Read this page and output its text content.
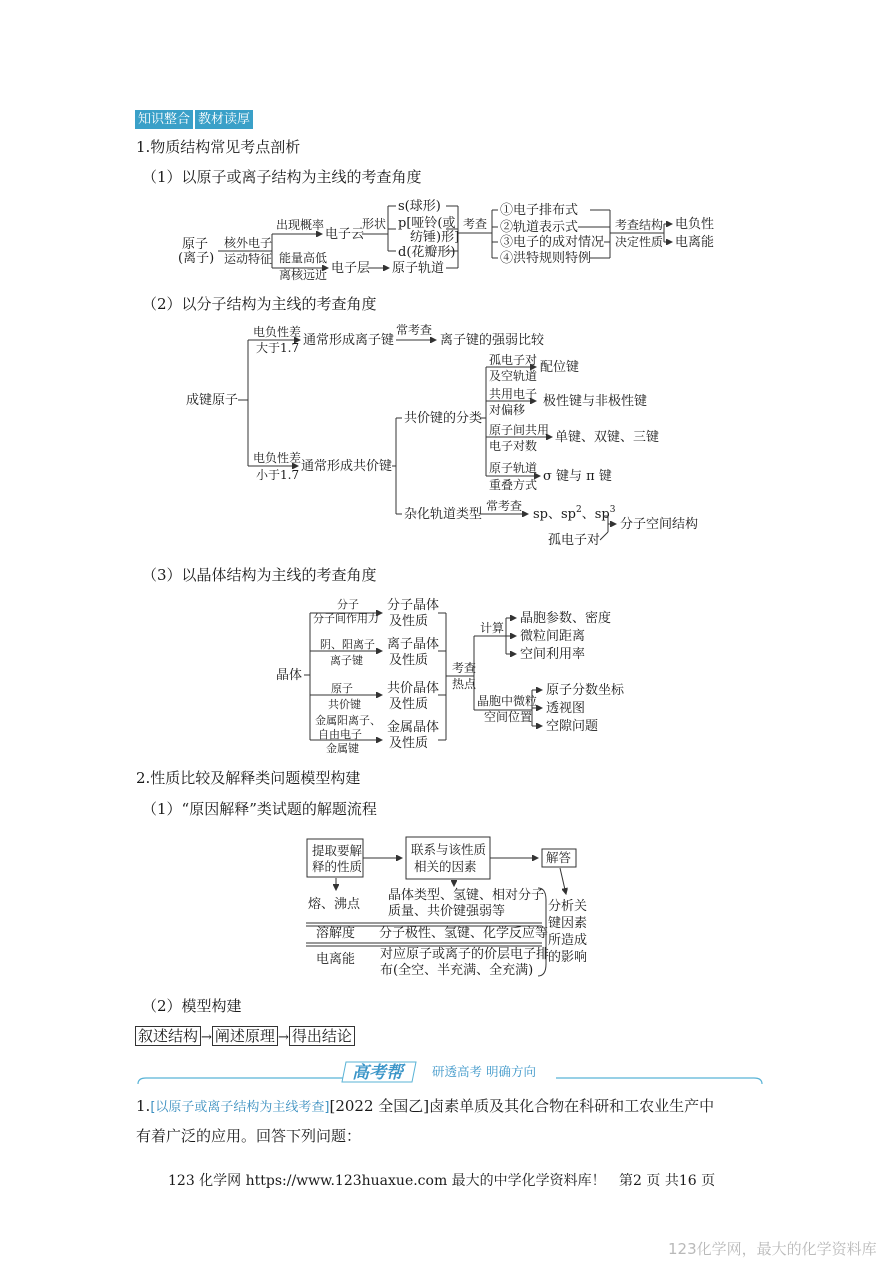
知识整合 教材读厚
1.物质结构常见考点剖析
（1）以原子或离子结构为主线的考查角度
原子
(离子)
核外电子
运动特征
出现概率
能量高低
离核远近
电子云
电子层 原子轨道
形状
s(球形)
p[哑铃(或
纺锤)形]
d(花瓣形)
考查
①电子排布式
②轨道表示式
③电子的成对情况
④洪特规则特例
考查结构
决定性质
电负性
电离能
（2）以分子结构为主线的考查角度
成键原子
电负性差
大于1.7
电负性差
小于1.7
通常形成离子键
常考查
离子键的强弱比较
通常形成共价键
共价键的分类
杂化轨道类型
孤电子对
及空轨道
配位键
共用电子
对偏移
极性键与非极性键
原子间共用
电子对数
单键、双键、三键
原子轨道
重叠方式
σ 键与 π 键
常考查
sp、$sp^2$、$sp^3$
分子空间结构
孤电子对
（3）以晶体结构为主线的考查角度
晶体
分子
分子间作用力
阴、阳离子
离子键
原子
共价键
金属阳离子、
自由电子
金属键
分子晶体
及性质
离子晶体
及性质
共价晶体
及性质
金属晶体
及性质
考查
热点
计算
晶胞参数、密度
微粒间距离
空间利用率
晶胞中微粒
空间位置
原子分数坐标
透视图
空隙问题
2.性质比较及解释类问题模型构建
（1）“原因解释”类试题的解题流程
提取要解
释的性质
联系与该性质
相关的因素
解答
熔、沸点
晶体类型、氢键、相对分子
质量、共价键强弱等
溶解度 分子极性、氢键、化学反应等
电离能 对应原子或离子的价层电子排
布(全空、半充满、全充满)
分析关
键因素
所造成
的影响
（2）模型构建
叙述结构 → 阐述原理 → 得出结论
高考帮 研透高考 明确方向
1.[以原子或离子结构为主线考查][2022 全国乙]卤素单质及其化合物在科研和工农业生产中
有着广泛的应用。回答下列问题：
123 化学网 https://www.123huaxue.com 最大的中学化学资料库！   第2 页 共16 页
123化学网，最大的化学资料库
